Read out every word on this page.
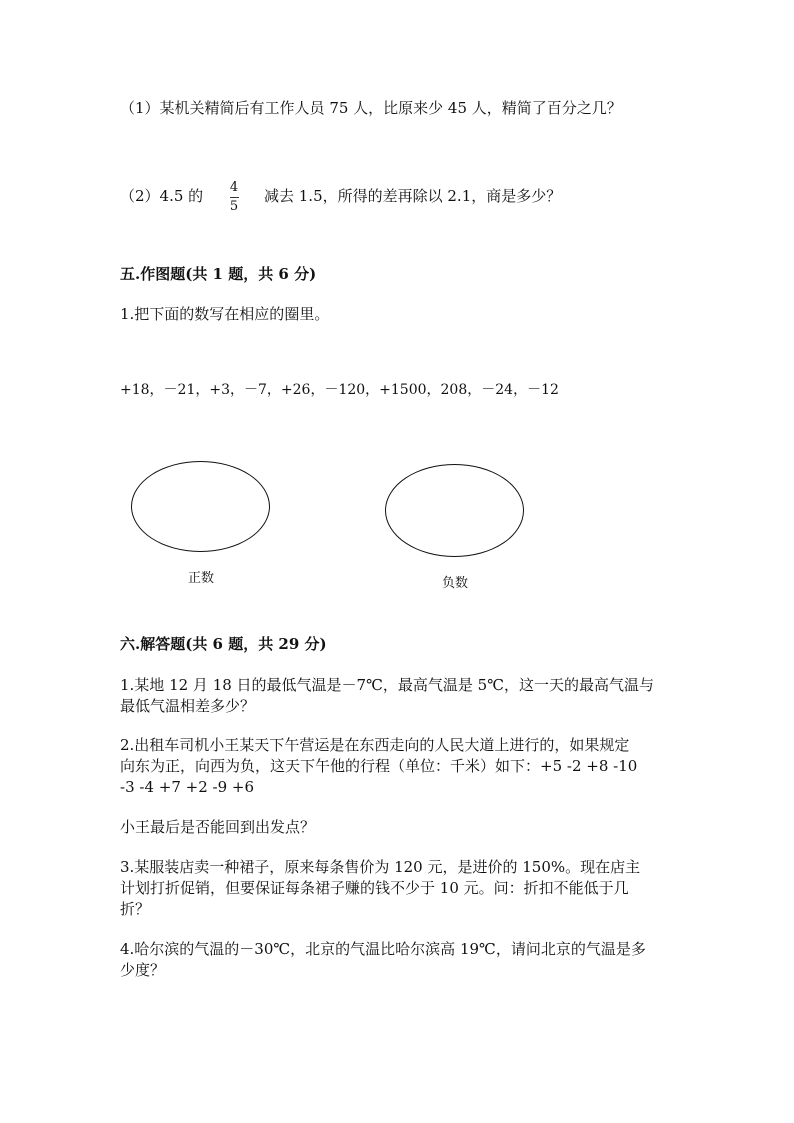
（1）某机关精简后有工作人员 75 人，比原来少 45 人，精简了百分之几？
（2）4.5 的 4
5
减去 1.5，所得的差再除以 2.1，商是多少？
五.作图题(共 1 题，共 6 分)
1.把下面的数写在相应的圈里。
+18，－21，+3，－7，+26，－120，+1500，208，－24，－12
正数	负数
六.解答题(共 6 题，共 29 分)
1.某地 12 月 18 日的最低气温是－7℃，最高气温是 5℃，这一天的最高气温与
最低气温相差多少？
2.出租车司机小王某天下午营运是在东西走向的人民大道上进行的，如果规定
向东为正，向西为负，这天下午他的行程（单位：千米）如下：+5 -2 +8 -10
-3 -4 +7 +2 -9 +6
小王最后是否能回到出发点？
3.某服装店卖一种裙子，原来每条售价为 120 元，是进价的 150%。现在店主
计划打折促销，但要保证每条裙子赚的钱不少于 10 元。问：折扣不能低于几
折？
4.哈尔滨的气温的－30℃，北京的气温比哈尔滨高 19℃，请问北京的气温是多
少度？
